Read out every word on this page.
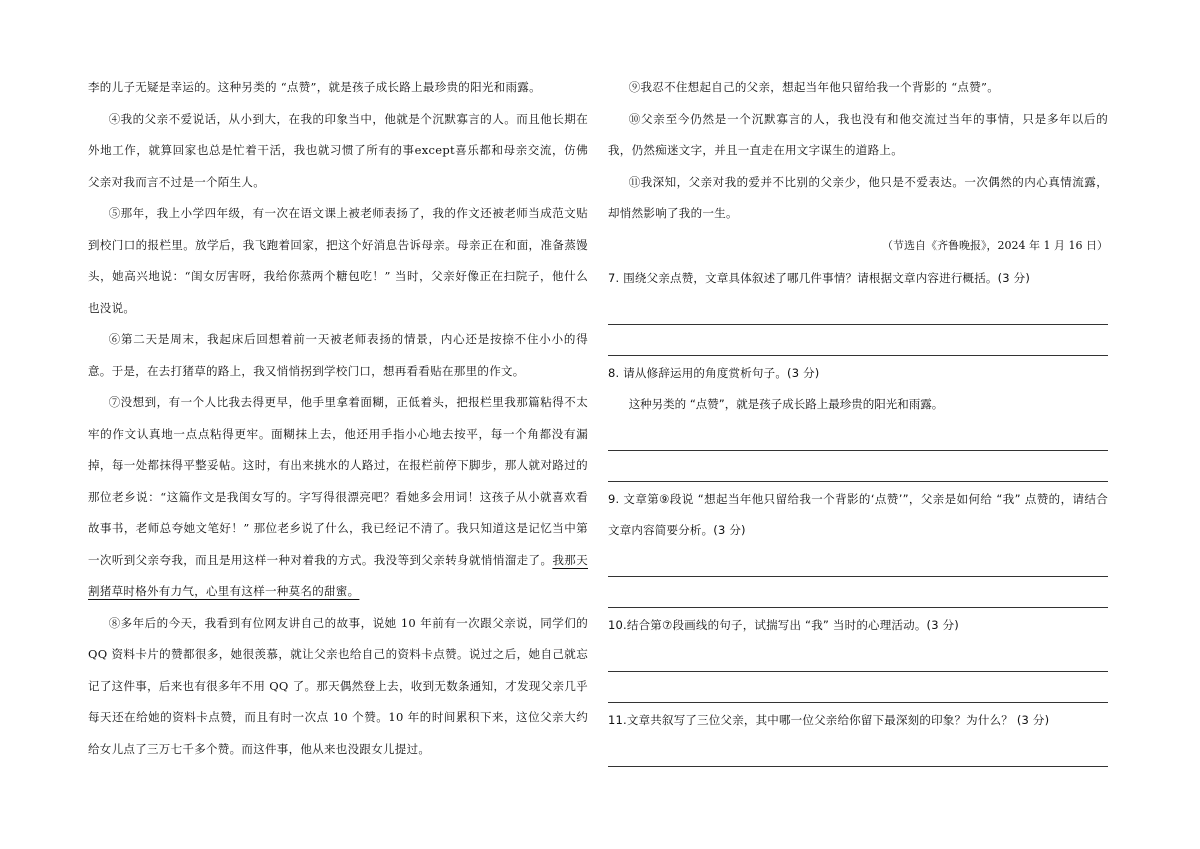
李的儿子无疑是幸运的。这种另类的 “点赞”，就是孩子成长路上最珍贵的阳光和雨露。

④我的父亲不爱说话，从小到大，在我的印象当中，他就是个沉默寡言的人。而且他长期在外地工作，就算回家也总是忙着干活，我也就习惯了所有的事except喜乐都和母亲交流，仿佛父亲对我而言不过是一个陌生人。

⑤那年，我上小学四年级，有一次在语文课上被老师表扬了，我的作文还被老师当成范文贴到校门口的报栏里。放学后，我飞跑着回家，把这个好消息告诉母亲。母亲正在和面，准备蒸馒头，她高兴地说：“闺女厉害呀，我给你蒸两个糖包吃！” 当时，父亲好像正在扫院子，他什么也没说。

⑥第二天是周末，我起床后回想着前一天被老师表扬的情景，内心还是按捺不住小小的得意。于是，在去打猪草的路上，我又悄悄拐到学校门口，想再看看贴在那里的作文。

⑦没想到，有一个人比我去得更早，他手里拿着面糊，正低着头，把报栏里我那篇粘得不太牢的作文认真地一点点粘得更牢。面糊抹上去，他还用手指小心地去按平，每一个角都没有漏掉，每一处都抹得平整妥帖。这时，有出来挑水的人路过，在报栏前停下脚步，那人就对路过的那位老乡说：“这篇作文是我闺女写的。字写得很漂亮吧？看她多会用词！这孩子从小就喜欢看故事书，老师总夸她文笔好！” 那位老乡说了什么，我已经记不清了。我只知道这是记忆当中第一次听到父亲夸我，而且是用这样一种对着我的方式。我没等到父亲转身就悄悄溜走了。我那天割猪草时格外有力气，心里有这样一种莫名的甜蜜。

⑧多年后的今天，我看到有位网友讲自己的故事，说她 10 年前有一次跟父亲说，同学们的 QQ 资料卡片的赞都很多，她很羡慕，就让父亲也给自己的资料卡点赞。说过之后，她自己就忘记了这件事，后来也有很多年不用 QQ 了。那天偶然登上去，收到无数条通知，才发现父亲几乎每天还在给她的资料卡点赞，而且有时一次点 10 个赞。10 年的时间累积下来，这位父亲大约给女儿点了三万七千多个赞。而这件事，他从来也没跟女儿提过。

⑨我忍不住想起自己的父亲，想起当年他只留给我一个背影的 “点赞”。

⑩父亲至今仍然是一个沉默寡言的人，我也没有和他交流过当年的事情，只是多年以后的我，仍然痴迷文字，并且一直走在用文字谋生的道路上。

⑪我深知，父亲对我的爱并不比别的父亲少，他只是不爱表达。一次偶然的内心真情流露，却悄然影响了我的一生。

（节选自《齐鲁晚报》，2024 年 1 月 16 日）

7. 围绕父亲点赞，文章具体叙述了哪几件事情？请根据文章内容进行概括。(3 分)

8. 请从修辞运用的角度赏析句子。(3 分)

这种另类的 “点赞”，就是孩子成长路上最珍贵的阳光和雨露。

9. 文章第⑨段说 “想起当年他只留给我一个背影的‘点赞’”，父亲是如何给 “我” 点赞的，请结合文章内容简要分析。(3 分)

10.结合第⑦段画线的句子，试揣写出 “我” 当时的心理活动。(3 分)

11.文章共叙写了三位父亲，其中哪一位父亲给你留下最深刻的印象？为什么？ (3 分)
